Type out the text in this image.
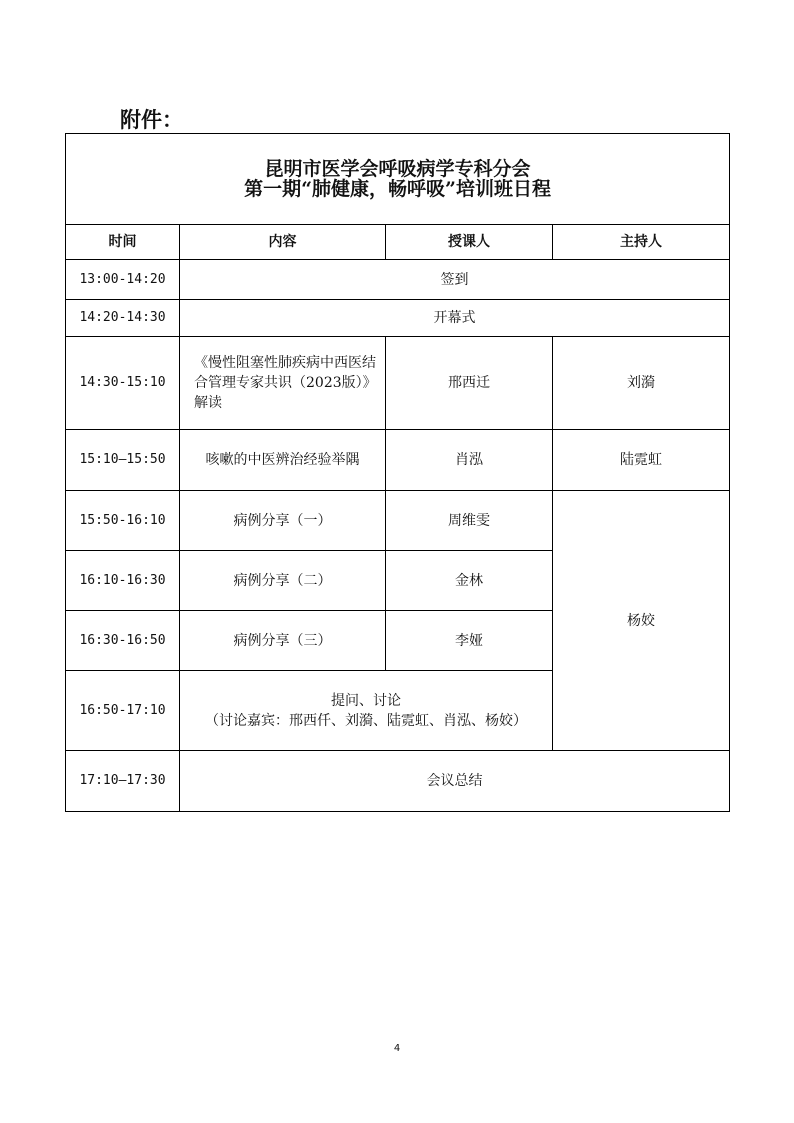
附件：
昆明市医学会呼吸病学专科分会
第一期“肺健康，畅呼吸”培训班日程			

时间	内容	授课人	主持人
13:00-14:20	签到		
14:20-14:30	开幕式		
14:30-15:10	《慢性阻塞性肺疾病中西医结合管理专家共识（2023版）》解读	邢西迁	刘漪
15:10—15:50	咳嗽的中医辨治经验举隅	肖泓	陆霓虹
15:50-16:10	病例分享（一）	周维雯	杨姣
16:10-16:30	病例分享（二）	金林	
16:30-16:50	病例分享（三）	李娅	
16:50-17:10	提问、讨论
（讨论嘉宾：邢西仟、刘漪、陆霓虹、肖泓、杨姣）		

17:10—17:30	会议总结		
4
